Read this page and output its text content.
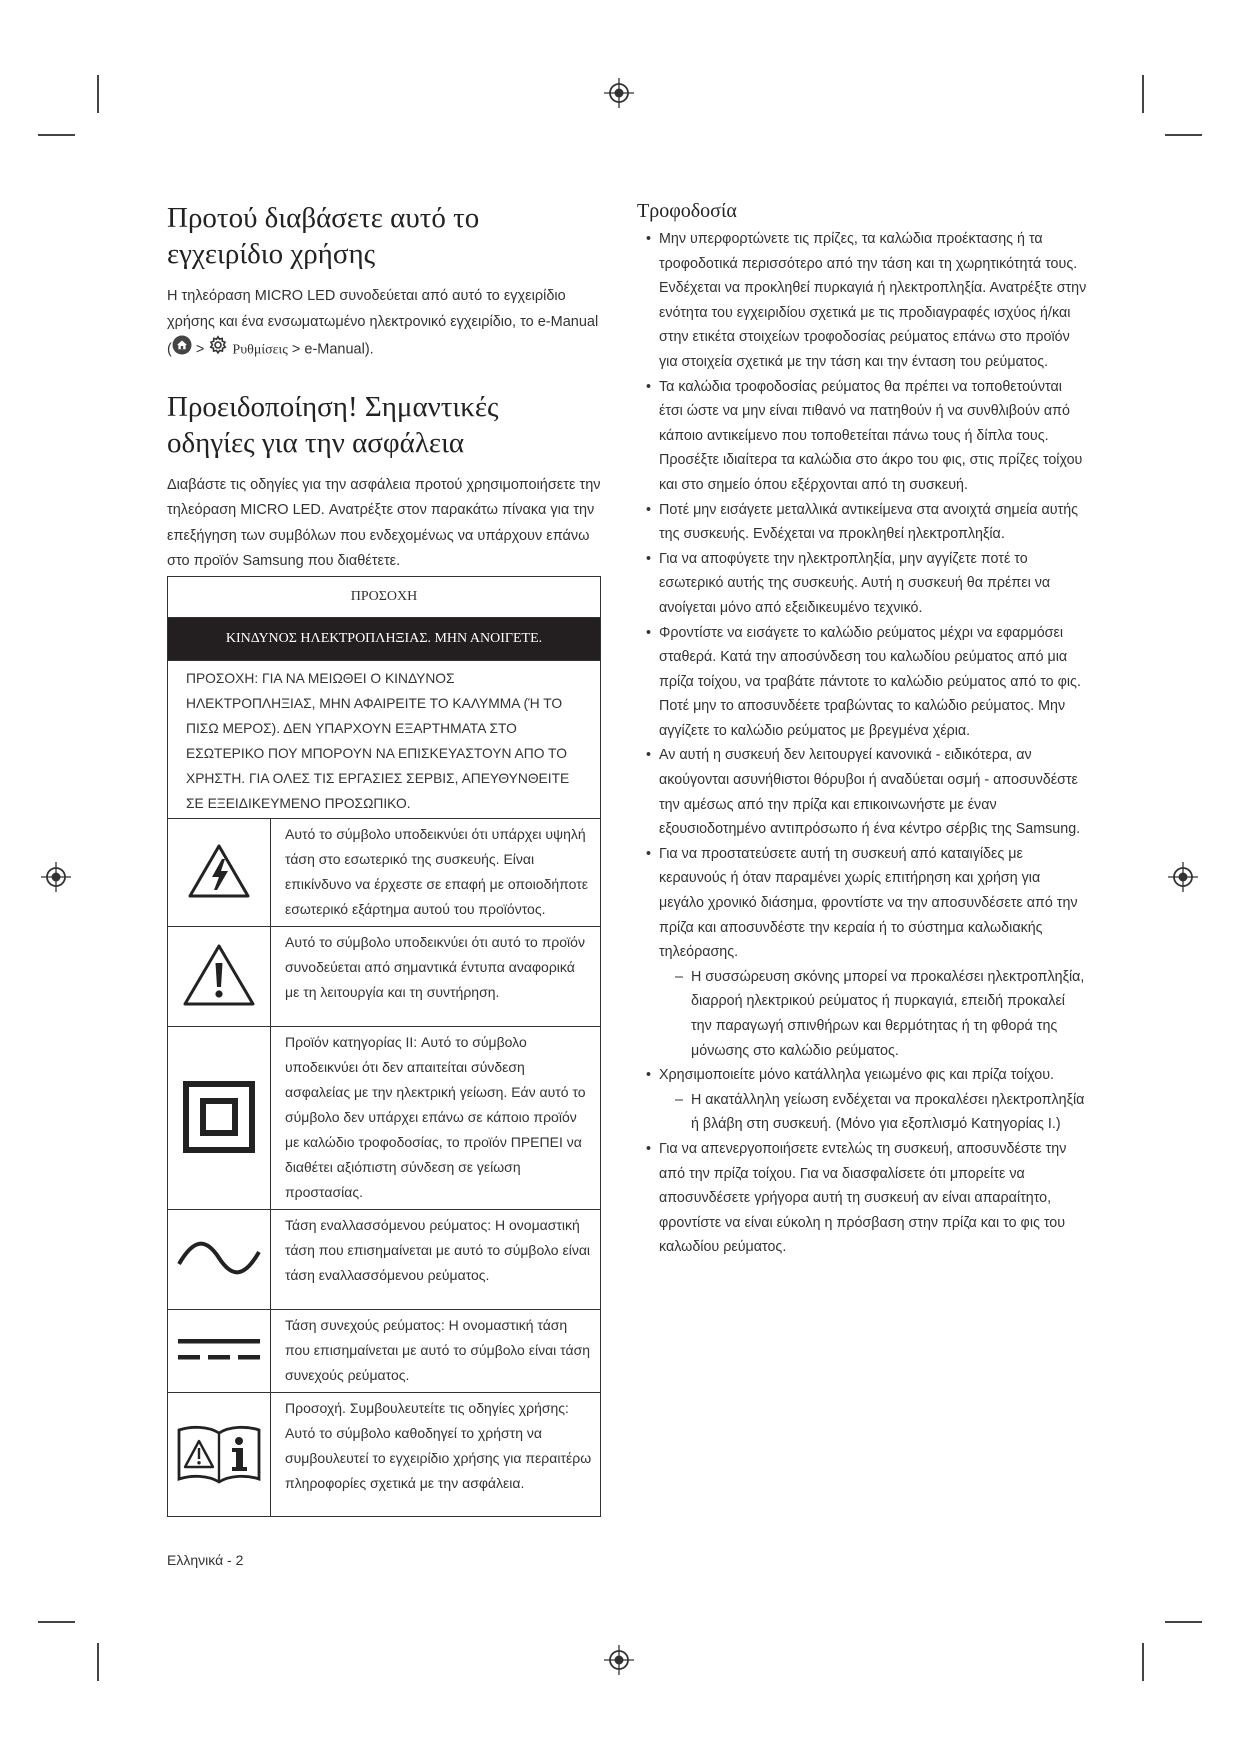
Προτού διαβάσετε αυτό το εγχειρίδιο χρήσης

Η τηλεόραση MICRO LED συνοδεύεται από αυτό το εγχειρίδιο χρήσης και ένα ενσωματωμένο ηλεκτρονικό εγχειρίδιο, το e-Manual ( > Ρυθμίσεις > e-Manual).

Προειδοποίηση! Σημαντικές οδηγίες για την ασφάλεια

Διαβάστε τις οδηγίες για την ασφάλεια προτού χρησιμοποιήσετε την τηλεόραση MICRO LED. Ανατρέξτε στον παρακάτω πίνακα για την επεξήγηση των συμβόλων που ενδεχομένως να υπάρχουν επάνω στο προϊόν Samsung που διαθέτετε.

ΠΡΟΣΟΧΗ	
ΚΙΝΔΥΝΟΣ ΗΛΕΚΤΡΟΠΛΗΞΙΑΣ. ΜΗΝ ΑΝΟΙΓΕΤΕ.	
ΠΡΟΣΟΧΗ: ΓΙΑ ΝΑ ΜΕΙΩΘΕΙ Ο ΚΙΝΔΥΝΟΣ ΗΛΕΚΤΡΟΠΛΗΞΙΑΣ, ΜΗΝ ΑΦΑΙΡΕΙΤΕ ΤΟ ΚΑΛΥΜΜΑ (Ή ΤΟ ΠΙΣΩ ΜΕΡΟΣ). ΔΕΝ ΥΠΑΡΧΟΥΝ ΕΞΑΡΤΗΜΑΤΑ ΣΤΟ ΕΣΩΤΕΡΙΚΟ ΠΟΥ ΜΠΟΡΟΥΝ ΝΑ ΕΠΙΣΚΕΥΑΣΤΟΥΝ ΑΠΟ ΤΟ ΧΡΗΣΤΗ. ΓΙΑ ΟΛΕΣ ΤΙΣ ΕΡΓΑΣΙΕΣ ΣΕΡΒΙΣ, ΑΠΕΥΘΥΝΘΕΙΤΕ ΣΕ ΕΞΕΙΔΙΚΕΥΜΕΝΟ ΠΡΟΣΩΠΙΚΟ.	
	Αυτό το σύμβολο υποδεικνύει ότι υπάρχει υψηλή τάση στο εσωτερικό της συσκευής. Είναι επικίνδυνο να έρχεστε σε επαφή με οποιοδήποτε εσωτερικό εξάρτημα αυτού του προϊόντος.
	Αυτό το σύμβολο υποδεικνύει ότι αυτό το προϊόν συνοδεύεται από σημαντικά έντυπα αναφορικά με τη λειτουργία και τη συντήρηση.
	Προϊόν κατηγορίας II: Αυτό το σύμβολο υποδεικνύει ότι δεν απαιτείται σύνδεση ασφαλείας με την ηλεκτρική γείωση. Εάν αυτό το σύμβολο δεν υπάρχει επάνω σε κάποιο προϊόν με καλώδιο τροφοδοσίας, το προϊόν ΠΡΕΠΕΙ να διαθέτει αξιόπιστη σύνδεση σε γείωση προστασίας.
	Τάση εναλλασσόμενου ρεύματος: Η ονομαστική τάση που επισημαίνεται με αυτό το σύμβολο είναι τάση εναλλασσόμενου ρεύματος.
	Τάση συνεχούς ρεύματος: Η ονομαστική τάση που επισημαίνεται με αυτό το σύμβολο είναι τάση συνεχούς ρεύματος.
	Προσοχή. Συμβουλευτείτε τις οδηγίες χρήσης: Αυτό το σύμβολο καθοδηγεί το χρήστη να συμβουλευτεί το εγχειρίδιο χρήσης για περαιτέρω πληροφορίες σχετικά με την ασφάλεια.
Τροφοδοσία
• Μην υπερφορτώνετε τις πρίζες, τα καλώδια προέκτασης ή τα τροφοδοτικά περισσότερο από την τάση και τη χωρητικότητά τους. Ενδέχεται να προκληθεί πυρκαγιά ή ηλεκτροπληξία. Ανατρέξτε στην ενότητα του εγχειριδίου σχετικά με τις προδιαγραφές ισχύος ή/και στην ετικέτα στοιχείων τροφοδοσίας ρεύματος επάνω στο προϊόν για στοιχεία σχετικά με την τάση και την ένταση του ρεύματος.
• Τα καλώδια τροφοδοσίας ρεύματος θα πρέπει να τοποθετούνται έτσι ώστε να μην είναι πιθανό να πατηθούν ή να συνθλιβούν από κάποιο αντικείμενο που τοποθετείται πάνω τους ή δίπλα τους. Προσέξτε ιδιαίτερα τα καλώδια στο άκρο του φις, στις πρίζες τοίχου και στο σημείο όπου εξέρχονται από τη συσκευή.
• Ποτέ μην εισάγετε μεταλλικά αντικείμενα στα ανοιχτά σημεία αυτής της συσκευής. Ενδέχεται να προκληθεί ηλεκτροπληξία.
• Για να αποφύγετε την ηλεκτροπληξία, μην αγγίζετε ποτέ το εσωτερικό αυτής της συσκευής. Αυτή η συσκευή θα πρέπει να ανοίγεται μόνο από εξειδικευμένο τεχνικό.
• Φροντίστε να εισάγετε το καλώδιο ρεύματος μέχρι να εφαρμόσει σταθερά. Κατά την αποσύνδεση του καλωδίου ρεύματος από μια πρίζα τοίχου, να τραβάτε πάντοτε το καλώδιο ρεύματος από το φις. Ποτέ μην το αποσυνδέετε τραβώντας το καλώδιο ρεύματος. Μην αγγίζετε το καλώδιο ρεύματος με βρεγμένα χέρια.
• Αν αυτή η συσκευή δεν λειτουργεί κανονικά - ειδικότερα, αν ακούγονται ασυνήθιστοι θόρυβοι ή αναδύεται οσμή - αποσυνδέστε την αμέσως από την πρίζα και επικοινωνήστε με έναν εξουσιοδοτημένο αντιπρόσωπο ή ένα κέντρο σέρβις της Samsung.
• Για να προστατεύσετε αυτή τη συσκευή από καταιγίδες με κεραυνούς ή όταν παραμένει χωρίς επιτήρηση και χρήση για μεγάλο χρονικό διάσημα, φροντίστε να την αποσυνδέσετε από την πρίζα και αποσυνδέστε την κεραία ή το σύστημα καλωδιακής τηλεόρασης.
– Η συσσώρευση σκόνης μπορεί να προκαλέσει ηλεκτροπληξία, διαρροή ηλεκτρικού ρεύματος ή πυρκαγιά, επειδή προκαλεί την παραγωγή σπινθήρων και θερμότητας ή τη φθορά της μόνωσης στο καλώδιο ρεύματος.
• Χρησιμοποιείτε μόνο κατάλληλα γειωμένο φις και πρίζα τοίχου.
– Η ακατάλληλη γείωση ενδέχεται να προκαλέσει ηλεκτροπληξία ή βλάβη στη συσκευή. (Μόνο για εξοπλισμό Κατηγορίας I.)
• Για να απενεργοποιήσετε εντελώς τη συσκευή, αποσυνδέστε την από την πρίζα τοίχου. Για να διασφαλίσετε ότι μπορείτε να αποσυνδέσετε γρήγορα αυτή τη συσκευή αν είναι απαραίτητο, φροντίστε να είναι εύκολη η πρόσβαση στην πρίζα και το φις του καλωδίου ρεύματος.
Ελληνικά - 2
